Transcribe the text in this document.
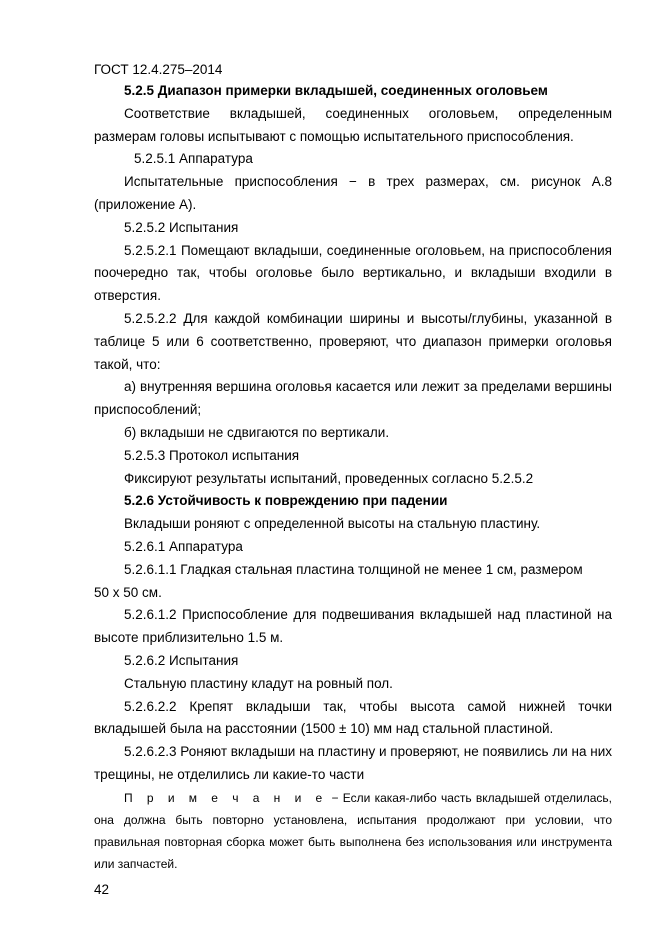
ГОСТ 12.4.275–2014

5.2.5 Диапазон примерки вкладышей, соединенных оголовьем

Соответствие вкладышей, соединенных оголовьем, определенным размерам головы испытывают с помощью испытательного приспособления.

5.2.5.1 Аппаратура

Испытательные приспособления − в трех размерах, см. рисунок А.8 (приложение А).

5.2.5.2 Испытания

5.2.5.2.1 Помещают вкладыши, соединенные оголовьем, на приспособления поочередно так, чтобы оголовье было вертикально, и вкладыши входили в отверстия.

5.2.5.2.2 Для каждой комбинации ширины и высоты/глубины, указанной в таблице 5 или 6 соответственно, проверяют, что диапазон примерки оголовья такой, что:

а) внутренняя вершина оголовья касается или лежит за пределами вершины приспособлений;

б) вкладыши не сдвигаются по вертикали.

5.2.5.3 Протокол испытания

Фиксируют результаты испытаний, проведенных согласно 5.2.5.2

5.2.6 Устойчивость к повреждению при падении

Вкладыши роняют с определенной высоты на стальную пластину.

5.2.6.1 Аппаратура

5.2.6.1.1 Гладкая стальная пластина толщиной не менее 1 см, размером

50 х 50 см.

5.2.6.1.2 Приспособление для подвешивания вкладышей над пластиной на высоте приблизительно 1.5 м.

5.2.6.2 Испытания

Стальную пластину кладут на ровный пол.

5.2.6.2.2 Крепят вкладыши так, чтобы высота самой нижней точки вкладышей была на расстоянии (1500 ± 10) мм над стальной пластиной.

5.2.6.2.3 Роняют вкладыши на пластину и проверяют, не появились ли на них трещины, не отделились ли какие-то части

П р и м е ч а н и е − Если какая-либо часть вкладышей отделилась, она должна быть повторно установлена, испытания продолжают при условии, что правильная повторная сборка может быть выполнена без использования или инструмента или запчастей.

42
